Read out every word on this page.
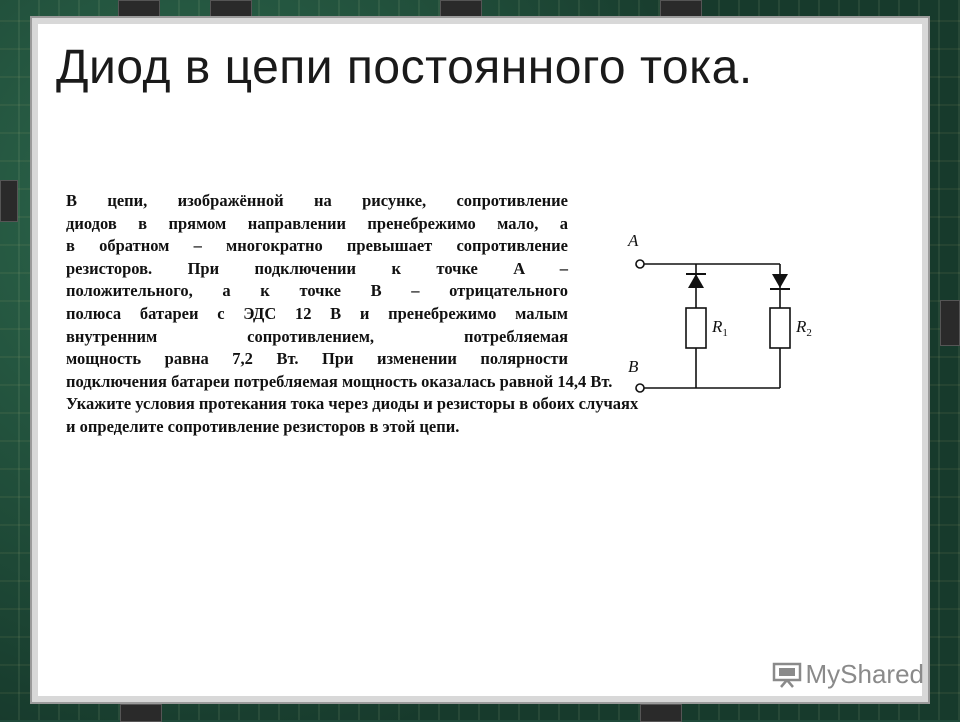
Диод в цепи постоянного тока.
В цепи, изображённой на рисунке, сопротивление
диодов в прямом направлении пренебрежимо мало, а
в обратном – многократно превышает сопротивление
резисторов. При подключении к точке A –
положительного, а к точке B – отрицательного
полюса батареи с ЭДС 12 В и пренебрежимо малым
внутренним сопротивлением, потребляемая
мощность равна 7,2 Вт. При изменении полярности
подключения батареи потребляемая мощность оказалась равной 14,4 Вт.
Укажите условия протекания тока через диоды и резисторы в обоих случаях
и определите сопротивление резисторов в этой цепи.
A
B
$R_1$	$R_2$
MyShared
